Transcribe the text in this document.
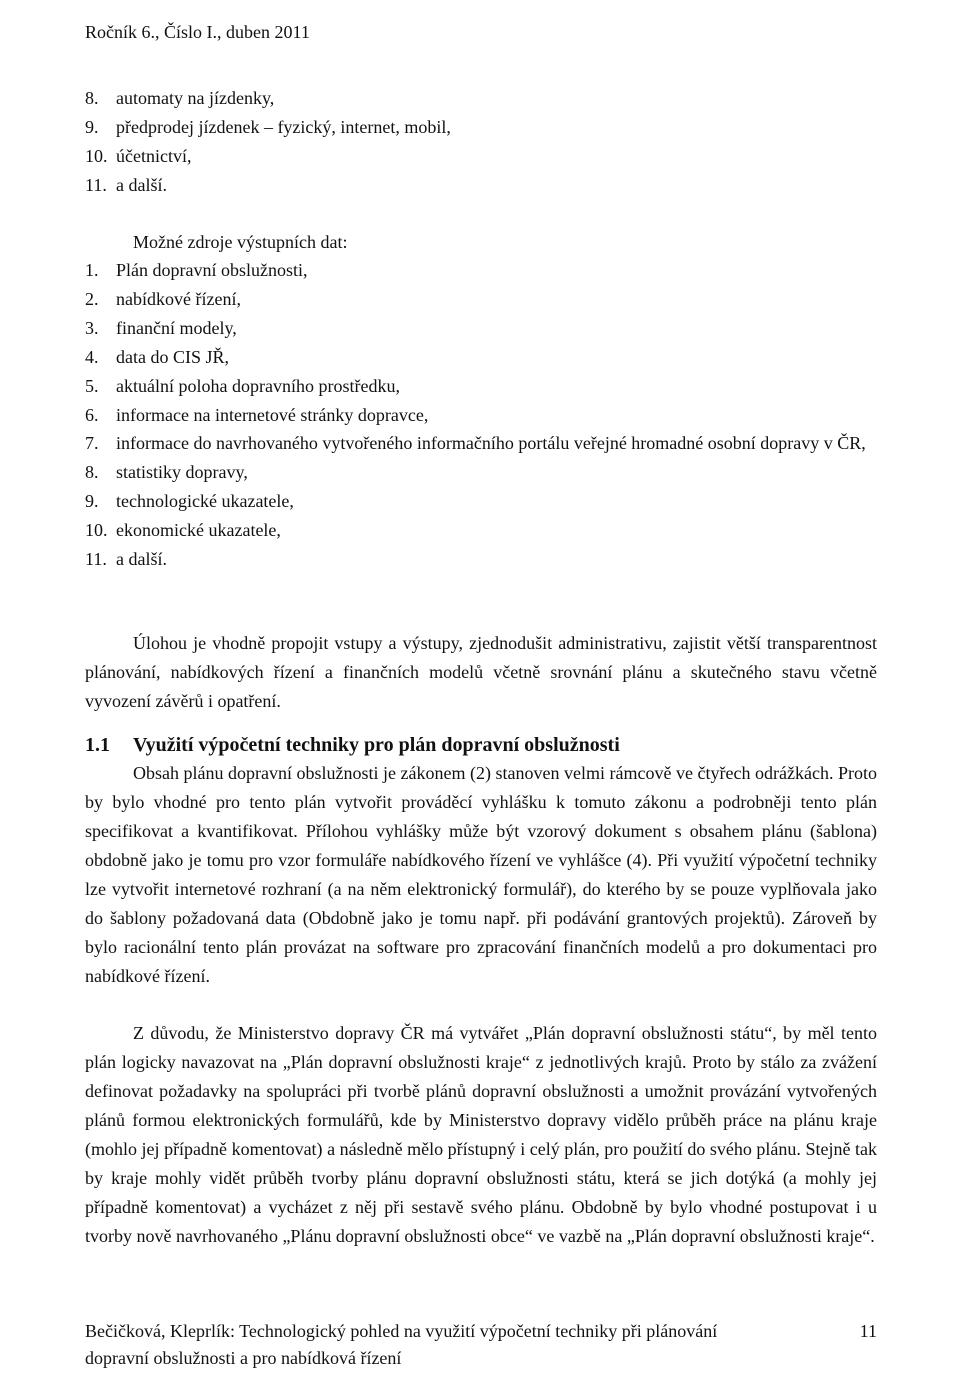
Ročník 6., Číslo I., duben 2011
8. automaty na jízdenky,
9. předprodej jízdenek – fyzický, internet, mobil,
10. účetnictví,
11. a další.
Možné zdroje výstupních dat:
1. Plán dopravní obslužnosti,
2. nabídkové řízení,
3. finanční modely,
4. data do CIS JŘ,
5. aktuální poloha dopravního prostředku,
6. informace na internetové stránky dopravce,
7. informace do navrhovaného vytvořeného informačního portálu veřejné hromadné osobní dopravy v ČR,
8. statistiky dopravy,
9. technologické ukazatele,
10. ekonomické ukazatele,
11. a další.

Úlohou je vhodně propojit vstupy a výstupy, zjednodušit administrativu, zajistit větší transparentnost plánování, nabídkových řízení a finančních modelů včetně srovnání plánu a skutečného stavu včetně vyvození závěrů i opatření.

1.1 Využití výpočetní techniky pro plán dopravní obslužnosti

Obsah plánu dopravní obslužnosti je zákonem (2) stanoven velmi rámcově ve čtyřech odrážkách. Proto by bylo vhodné pro tento plán vytvořit prováděcí vyhlášku k tomuto zákonu a podrobněji tento plán specifikovat a kvantifikovat. Přílohou vyhlášky může být vzorový dokument s obsahem plánu (šablona) obdobně jako je tomu pro vzor formuláře nabídkového řízení ve vyhlášce (4). Při využití výpočetní techniky lze vytvořit internetové rozhraní (a na něm elektronický formulář), do kterého by se pouze vyplňovala jako do šablony požadovaná data (Obdobně jako je tomu např. při podávání grantových projektů). Zároveň by bylo racionální tento plán provázat na software pro zpracování finančních modelů a pro dokumentaci pro nabídkové řízení.

Z důvodu, že Ministerstvo dopravy ČR má vytvářet „Plán dopravní obslužnosti státu“, by měl tento plán logicky navazovat na „Plán dopravní obslužnosti kraje“ z jednotlivých krajů. Proto by stálo za zvážení definovat požadavky na spolupráci při tvorbě plánů dopravní obslužnosti a umožnit provázání vytvořených plánů formou elektronických formulářů, kde by Ministerstvo dopravy vidělo průběh práce na plánu kraje (mohlo jej případně komentovat) a následně mělo přístupný i celý plán, pro použití do svého plánu. Stejně tak by kraje mohly vidět průběh tvorby plánu dopravní obslužnosti státu, která se jich dotýká (a mohly jej případně komentovat) a vycházet z něj při sestavě svého plánu. Obdobně by bylo vhodné postupovat i u tvorby nově navrhovaného „Plánu dopravní obslužnosti obce“ ve vazbě na „Plán dopravní obslužnosti kraje“.

Bečičková, Kleprlík: Technologický pohled na využití výpočetní techniky při plánování
dopravní obslužnosti a pro nabídková řízení
11
